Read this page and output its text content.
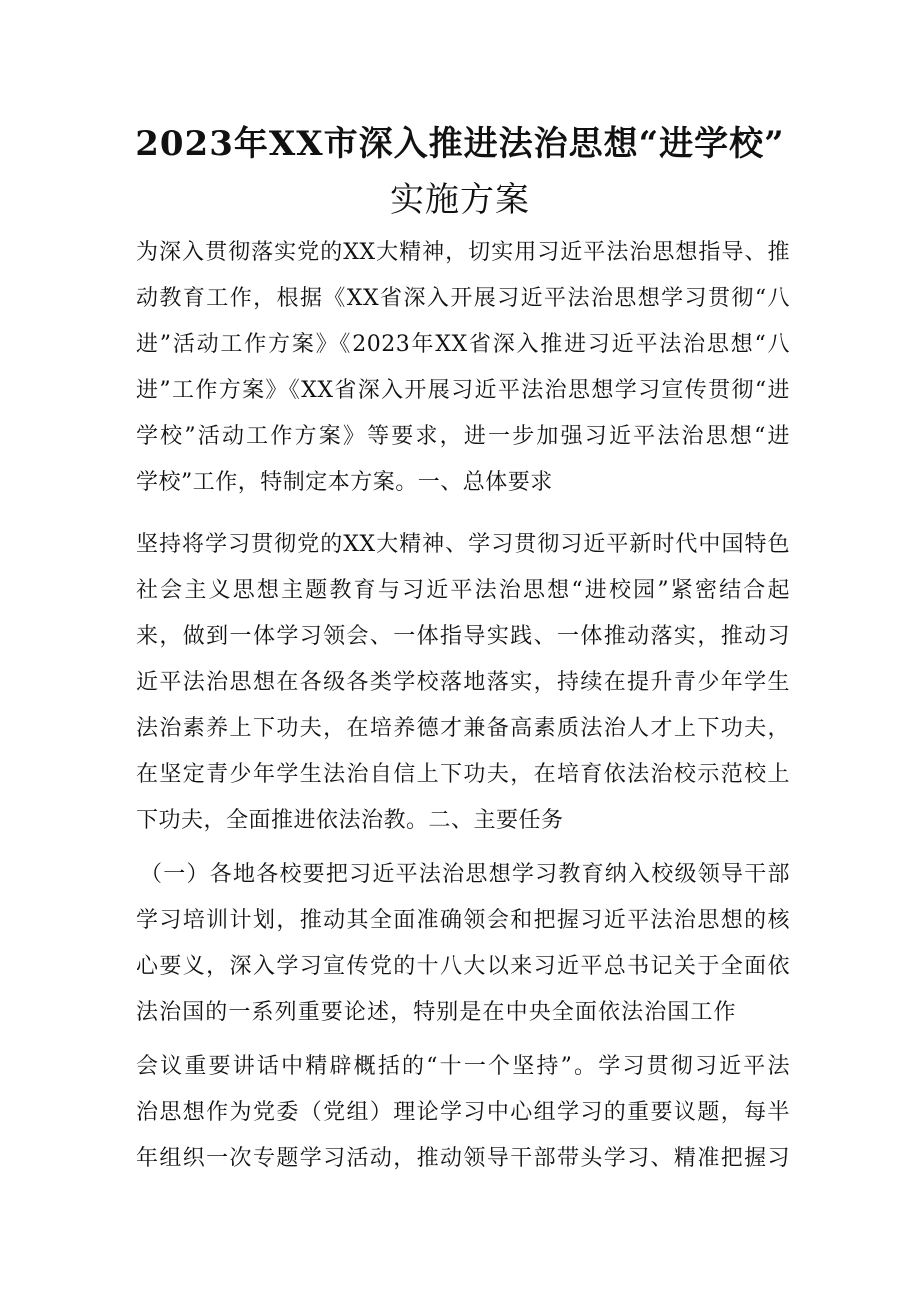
2023年XX市深入推进法治思想“进学校”
实施方案
为深入贯彻落实党的XX大精神，切实用习近平法治思想指导、推
动教育工作，根据《XX省深入开展习近平法治思想学习贯彻“八
进”活动工作方案》《2023年XX省深入推进习近平法治思想“八
进”工作方案》《XX省深入开展习近平法治思想学习宣传贯彻“进
学校”活动工作方案》等要求，进一步加强习近平法治思想“进
学校”工作，特制定本方案。一、总体要求
坚持将学习贯彻党的XX大精神、学习贯彻习近平新时代中国特色
社会主义思想主题教育与习近平法治思想“进校园”紧密结合起
来，做到一体学习领会、一体指导实践、一体推动落实，推动习
近平法治思想在各级各类学校落地落实，持续在提升青少年学生
法治素养上下功夫，在培养德才兼备高素质法治人才上下功夫，
在坚定青少年学生法治自信上下功夫，在培育依法治校示范校上
下功夫，全面推进依法治教。二、主要任务
（一）各地各校要把习近平法治思想学习教育纳入校级领导干部
学习培训计划，推动其全面准确领会和把握习近平法治思想的核
心要义，深入学习宣传党的十八大以来习近平总书记关于全面依
法治国的一系列重要论述，特别是在中央全面依法治国工作
会议重要讲话中精辟概括的“十一个坚持”。学习贯彻习近平法
治思想作为党委（党组）理论学习中心组学习的重要议题，每半
年组织一次专题学习活动，推动领导干部带头学习、精准把握习
